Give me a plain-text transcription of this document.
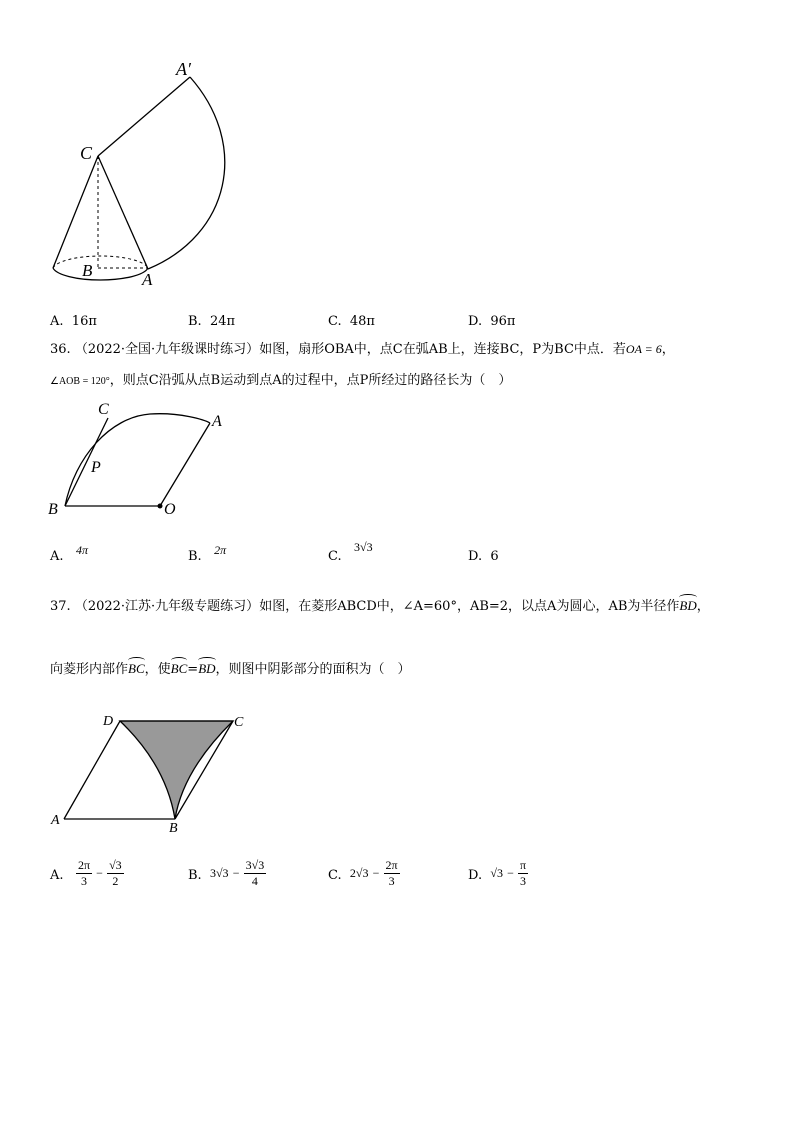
A′
C
B	A
A. 16π	B. 24π	C. 48π	D. 96π
36. （2022·全国·九年级课时练习）如图，扇形OBA中，点C在弧AB上，连接BC，P为BC中点．若OA = 6，
∠AOB = 120°，则点C沿弧从点B运动到点A的过程中，点P所经过的路径长为（　）
C
A
P
B	O
A. 4π	B. 2π	C.   3√3
D. 6
37. （2022·江苏·九年级专题练习）如图，在菱形ABCD中，∠A=60°，AB=2，以点A为圆心，AB为半径作BD，
向菱形内部作BC，使BC=BD，则图中阴影部分的面积为（　）
D	C
A
B
A. $\frac{2\pi}{3} - \frac{√3}{2}$	B. $3√3 - \frac{3√3}{4}$	C. $2√3 - \frac{2\pi}{3}$	D. $√3 - \frac{\pi}{3}$
